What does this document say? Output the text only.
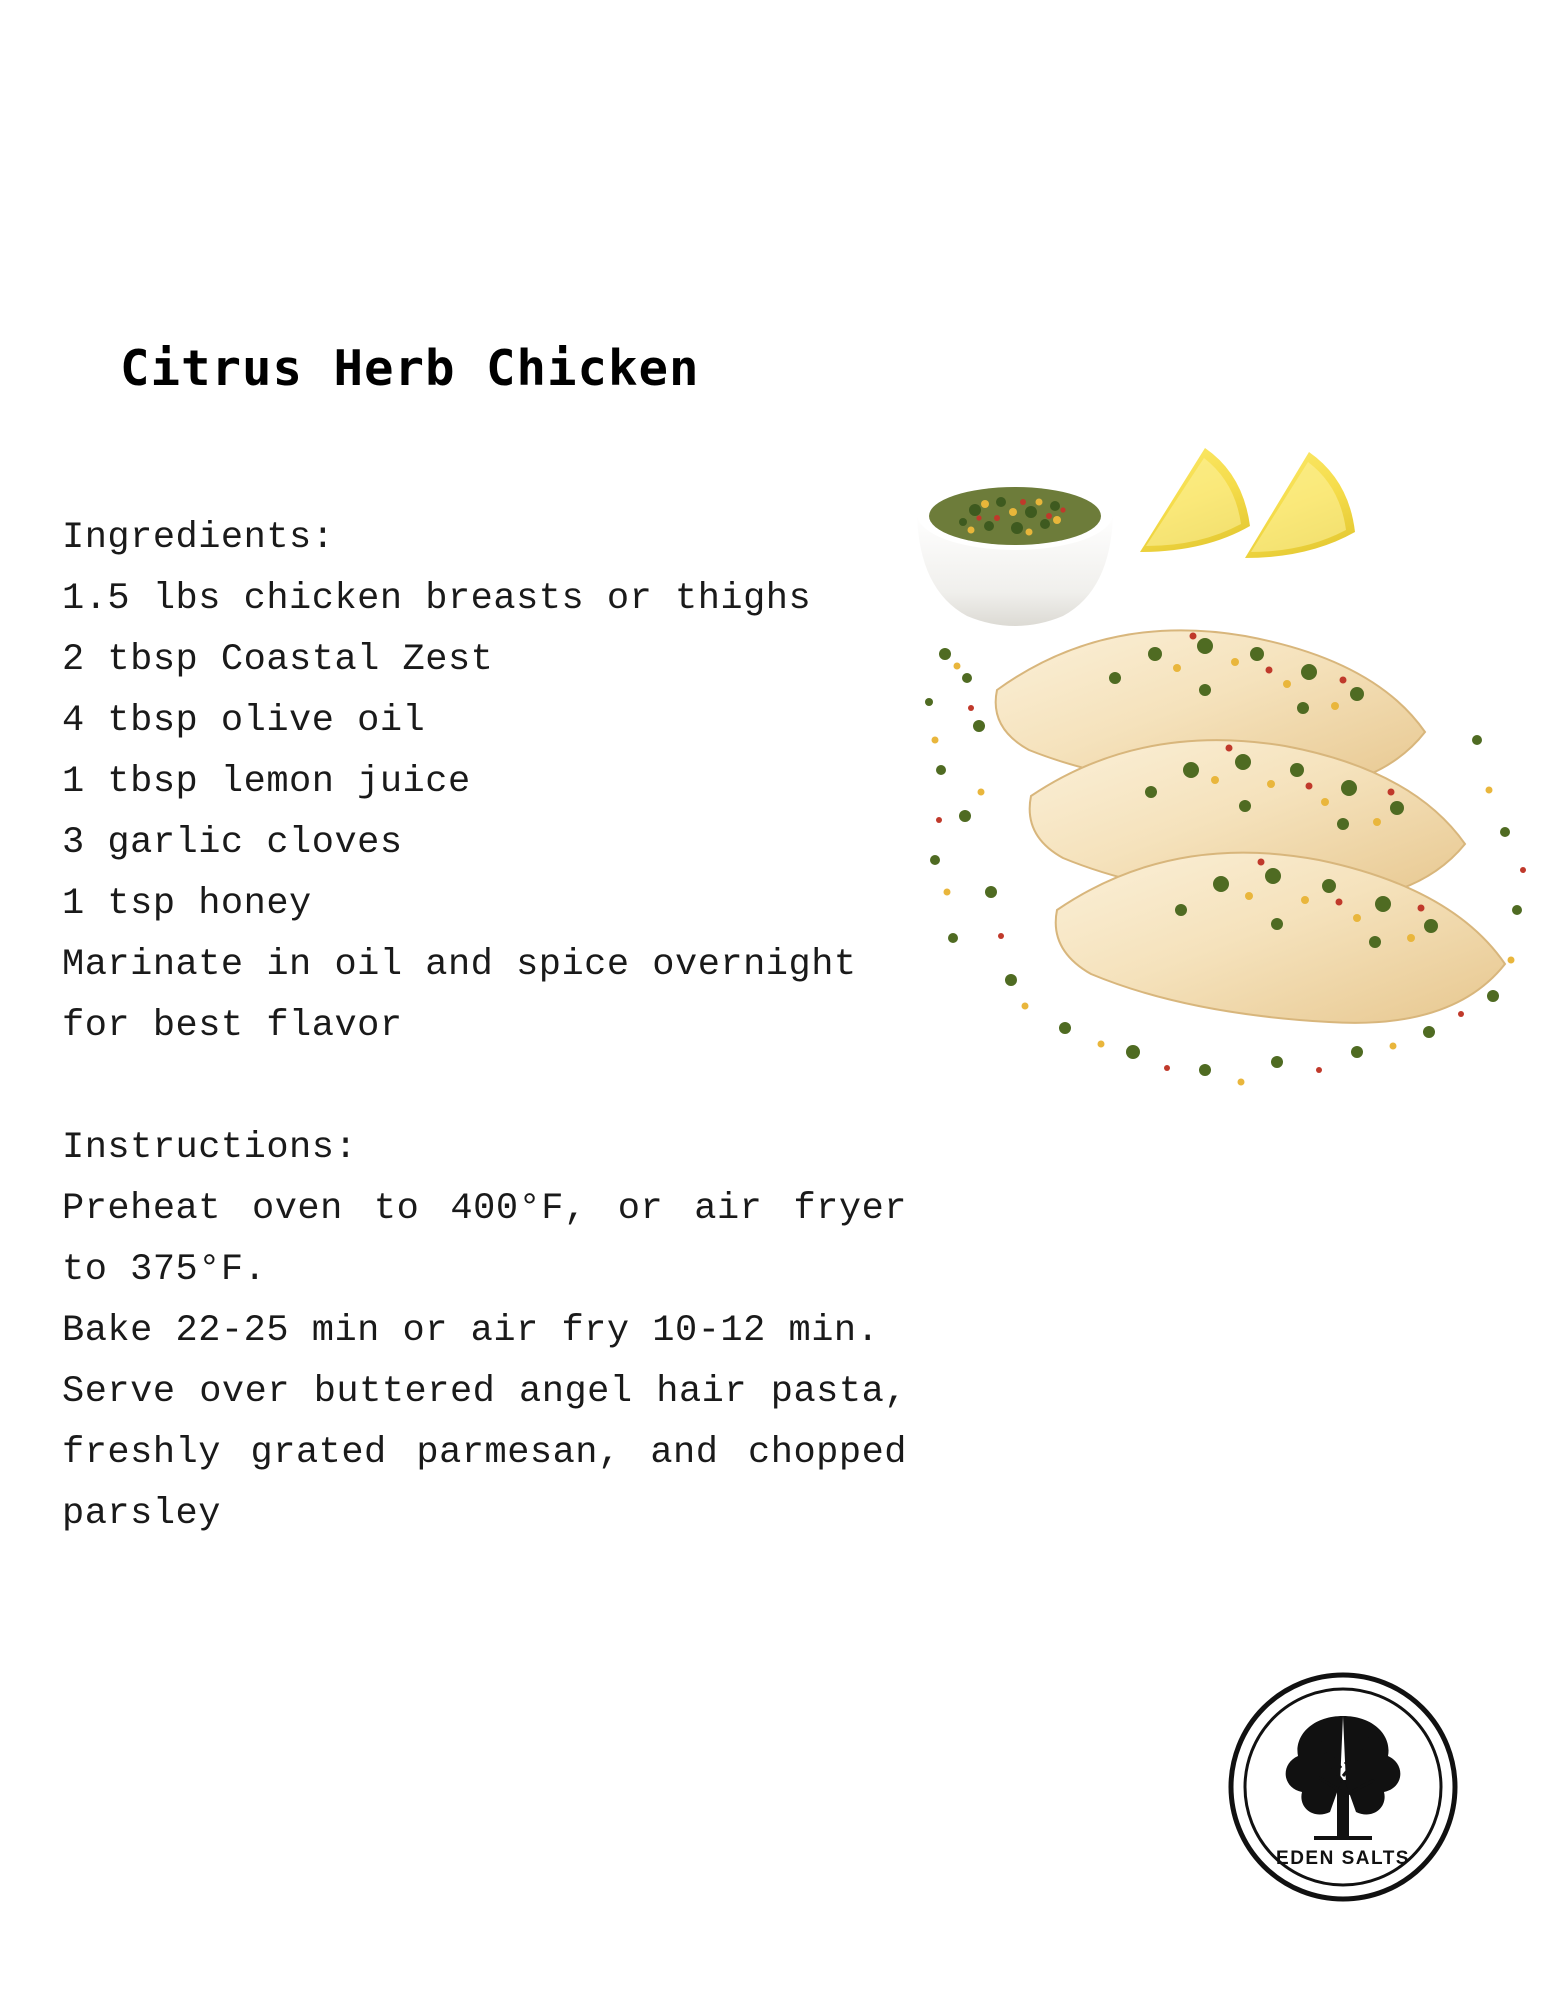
Citrus Herb Chicken

Ingredients:

1.5 lbs chicken breasts or thighs

2 tbsp Coastal Zest

4 tbsp olive oil

1 tbsp lemon juice

3 garlic cloves

1 tsp honey

Marinate in oil and spice overnight for best flavor

Instructions:

Preheat oven to 400°F, or air fryer to 375°F.

Bake 22-25 min or air fry 10-12 min.

Serve over buttered angel hair pasta, freshly grated parmesan, and chopped parsley

EDEN SALTS
